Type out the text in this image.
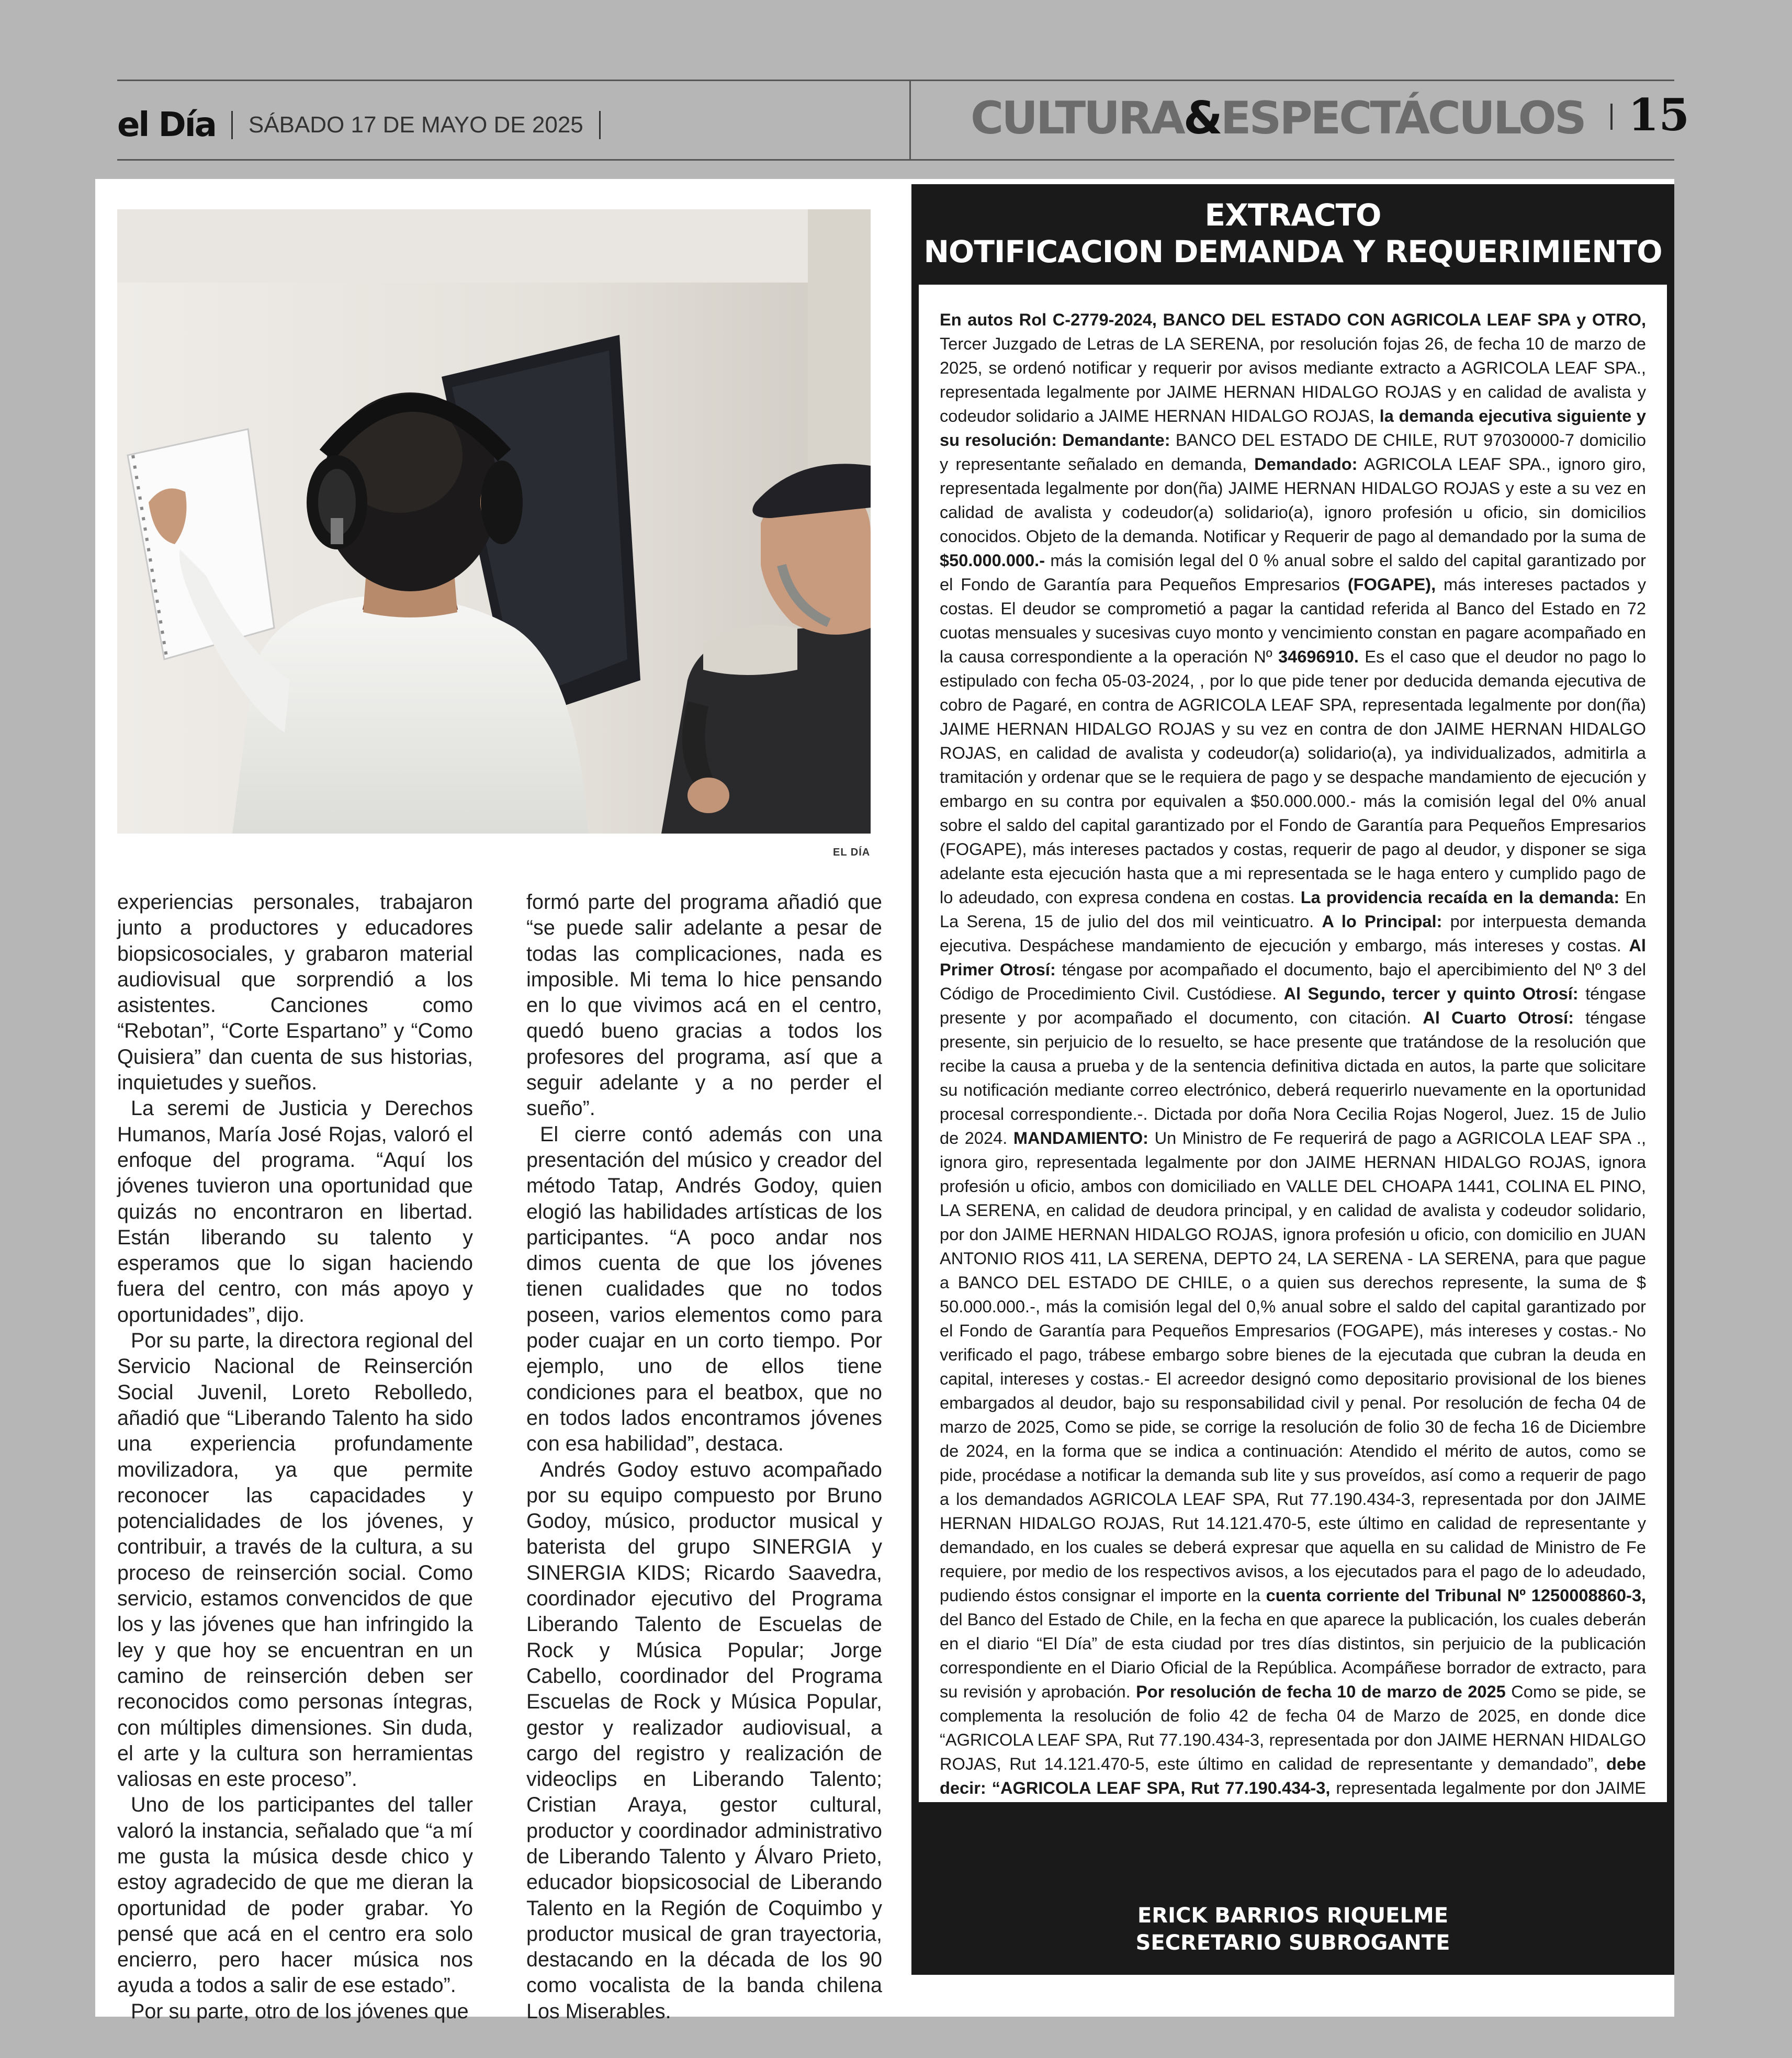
el Día SÁBADO 17 DE MAYO DE 2025	CULTURA&ESPECTÁCULOS 15
EL DÍA

experiencias personales, trabajaron junto a productores y educadores biopsicosociales, y grabaron material audiovisual que sorprendió a los asistentes. Canciones como “Rebotan”, “Corte Espartano” y “Como Quisiera” dan cuenta de sus historias, inquietudes y sueños.

La seremi de Justicia y Derechos Humanos, María José Rojas, valoró el enfoque del programa. “Aquí los jóvenes tuvieron una oportunidad que quizás no encontraron en libertad. Están liberando su talento y esperamos que lo sigan haciendo fuera del centro, con más apoyo y oportunidades”, dijo.

Por su parte, la directora regional del Servicio Nacional de Reinserción Social Juvenil, Loreto Rebolledo, añadió que “Liberando Talento ha sido una experiencia profundamente movilizadora, ya que permite reconocer las capacidades y potencialidades de los jóvenes, y contribuir, a través de la cultura, a su proceso de reinserción social. Como servicio, estamos convencidos de que los y las jóvenes que han infringido la ley y que hoy se encuentran en un camino de reinserción deben ser reconocidos como personas íntegras, con múltiples dimensiones. Sin duda, el arte y la cultura son herramientas valiosas en este proceso”.

Uno de los participantes del taller valoró la instancia, señalado que “a mí me gusta la música desde chico y estoy agradecido de que me dieran la oportunidad de poder grabar. Yo pensé que acá en el centro era solo encierro, pero hacer música nos ayuda a todos a salir de ese estado”.

Por su parte, otro de los jóvenes que

formó parte del programa añadió que “se puede salir adelante a pesar de todas las complicaciones, nada es imposible. Mi tema lo hice pensando en lo que vivimos acá en el centro, quedó bueno gracias a todos los profesores del programa, así que a seguir adelante y a no perder el sueño”.

El cierre contó además con una presentación del músico y creador del método Tatap, Andrés Godoy, quien elogió las habilidades artísticas de los participantes. “A poco andar nos dimos cuenta de que los jóvenes tienen cualidades que no todos poseen, varios elementos como para poder cuajar en un corto tiempo. Por ejemplo, uno de ellos tiene condiciones para el beatbox, que no en todos lados encontramos jóvenes con esa habilidad”, destaca.

Andrés Godoy estuvo acompañado por su equipo compuesto por Bruno Godoy, músico, productor musical y baterista del grupo SINERGIA y SINERGIA KIDS; Ricardo Saavedra, coordinador ejecutivo del Programa Liberando Talento de Escuelas de Rock y Música Popular; Jorge Cabello, coordinador del Programa Escuelas de Rock y Música Popular, gestor y realizador audiovisual, a cargo del registro y realización de videoclips en Liberando Talento; Cristian Araya, gestor cultural, productor y coordinador administrativo de Liberando Talento y Álvaro Prieto, educador biopsicosocial de Liberando Talento en la Región de Coquimbo y productor musical de gran trayectoria, destacando en la década de los 90 como vocalista de la banda chilena Los Miserables.

EXTRACTO
NOTIFICACION DEMANDA Y REQUERIMIENTO

En autos Rol C-2779-2024, BANCO DEL ESTADO CON AGRICOLA LEAF SPA y OTRO, Tercer Juzgado de Letras de LA SERENA, por resolución fojas 26, de fecha 10 de marzo de 2025, se ordenó notificar y requerir por avisos mediante extracto a AGRICOLA LEAF SPA., representada legalmente por JAIME HERNAN HIDALGO ROJAS y en calidad de avalista y codeudor solidario a JAIME HERNAN HIDALGO ROJAS, la demanda ejecutiva siguiente y su resolución: Demandante: BANCO DEL ESTADO DE CHILE, RUT 97030000-7 domicilio y representante señalado en demanda, Demandado: AGRICOLA LEAF SPA., ignoro giro, representada legalmente por don(ña) JAIME HERNAN HIDALGO ROJAS y este a su vez en calidad de avalista y codeudor(a) solidario(a), ignoro profesión u oficio, sin domicilios conocidos. Objeto de la demanda. Notificar y Requerir de pago al demandado por la suma de $50.000.000.- más la comisión legal del 0 % anual sobre el saldo del capital garantizado por el Fondo de Garantía para Pequeños Empresarios (FOGAPE), más intereses pactados y costas. El deudor se comprometió a pagar la cantidad referida al Banco del Estado en 72 cuotas mensuales y sucesivas cuyo monto y vencimiento constan en pagare acompañado en la causa correspondiente a la operación Nº 34696910. Es el caso que el deudor no pago lo estipulado con fecha 05-03-2024, , por lo que pide tener por deducida demanda ejecutiva de cobro de Pagaré, en contra de AGRICOLA LEAF SPA, representada legalmente por don(ña) JAIME HERNAN HIDALGO ROJAS y su vez en contra de don JAIME HERNAN HIDALGO ROJAS, en calidad de avalista y codeudor(a) solidario(a), ya individualizados, admitirla a tramitación y ordenar que se le requiera de pago y se despache mandamiento de ejecución y embargo en su contra por equivalen a $50.000.000.- más la comisión legal del 0% anual sobre el saldo del capital garantizado por el Fondo de Garantía para Pequeños Empresarios (FOGAPE), más intereses pactados y costas, requerir de pago al deudor, y disponer se siga adelante esta ejecución hasta que a mi representada se le haga entero y cumplido pago de lo adeudado, con expresa condena en costas. La providencia recaída en la demanda: En La Serena, 15 de julio del dos mil veinticuatro. A lo Principal: por interpuesta demanda ejecutiva. Despáchese mandamiento de ejecución y embargo, más intereses y costas. Al Primer Otrosí: téngase por acompañado el documento, bajo el apercibimiento del Nº 3 del Código de Procedimiento Civil. Custódiese. Al Segundo, tercer y quinto Otrosí: téngase presente y por acompañado el documento, con citación. Al Cuarto Otrosí: téngase presente, sin perjuicio de lo resuelto, se hace presente que tratándose de la resolución que recibe la causa a prueba y de la sentencia definitiva dictada en autos, la parte que solicitare su notificación mediante correo electrónico, deberá requerirlo nuevamente en la oportunidad procesal correspondiente.-. Dictada por doña Nora Cecilia Rojas Nogerol, Juez. 15 de Julio de 2024. MANDAMIENTO: Un Ministro de Fe requerirá de pago a AGRICOLA LEAF SPA ., ignora giro, representada legalmente por don JAIME HERNAN HIDALGO ROJAS, ignora profesión u oficio, ambos con domiciliado en VALLE DEL CHOAPA 1441, COLINA EL PINO, LA SERENA, en calidad de deudora principal, y en calidad de avalista y codeudor solidario, por don JAIME HERNAN HIDALGO ROJAS, ignora profesión u oficio, con domicilio en JUAN ANTONIO RIOS 411, LA SERENA, DEPTO 24, LA SERENA - LA SERENA, para que pague a BANCO DEL ESTADO DE CHILE, o a quien sus derechos represente, la suma de $ 50.000.000.-, más la comisión legal del 0,% anual sobre el saldo del capital garantizado por el Fondo de Garantía para Pequeños Empresarios (FOGAPE), más intereses y costas.- No verificado el pago, trábese embargo sobre bienes de la ejecutada que cubran la deuda en capital, intereses y costas.- El acreedor designó como depositario provisional de los bienes embargados al deudor, bajo su responsabilidad civil y penal. Por resolución de fecha 04 de marzo de 2025, Como se pide, se corrige la resolución de folio 30 de fecha 16 de Diciembre de 2024, en la forma que se indica a continuación: Atendido el mérito de autos, como se pide, procédase a notificar la demanda sub lite y sus proveídos, así como a requerir de pago a los demandados AGRICOLA LEAF SPA, Rut 77.190.434-3, representada por don JAIME HERNAN HIDALGO ROJAS, Rut 14.121.470-5, este último en calidad de representante y demandado, en los cuales se deberá expresar que aquella en su calidad de Ministro de Fe requiere, por medio de los respectivos avisos, a los ejecutados para el pago de lo adeudado, pudiendo éstos consignar el importe en la cuenta corriente del Tribunal Nº 1250008860-3, del Banco del Estado de Chile, en la fecha en que aparece la publicación, los cuales deberán en el diario “El Día” de esta ciudad por tres días distintos, sin perjuicio de la publicación correspondiente en el Diario Oficial de la República. Acompáñese borrador de extracto, para su revisión y aprobación. Por resolución de fecha 10 de marzo de 2025 Como se pide, se complementa la resolución de folio 42 de fecha 04 de Marzo de 2025, en donde dice “AGRICOLA LEAF SPA, Rut 77.190.434-3, representada por don JAIME HERNAN HIDALGO ROJAS, Rut 14.121.470-5, este último en calidad de representante y demandado”, debe decir: “AGRICOLA LEAF SPA, Rut 77.190.434-3, representada legalmente por don JAIME HERNAN HIDALGO ROJAS, y en calidad de avalista y codeudor solidario, por don JAIME HERNAN HIDALGO ROJAS, Rut 14.121.470-5”. Por este aviso se requiere a los ejecutados para el pago de lo adeudado.- La Serena, diecisiete de abril de dos mil veinticinco

ERICK BARRIOS RIQUELME
SECRETARIO SUBROGANTE
